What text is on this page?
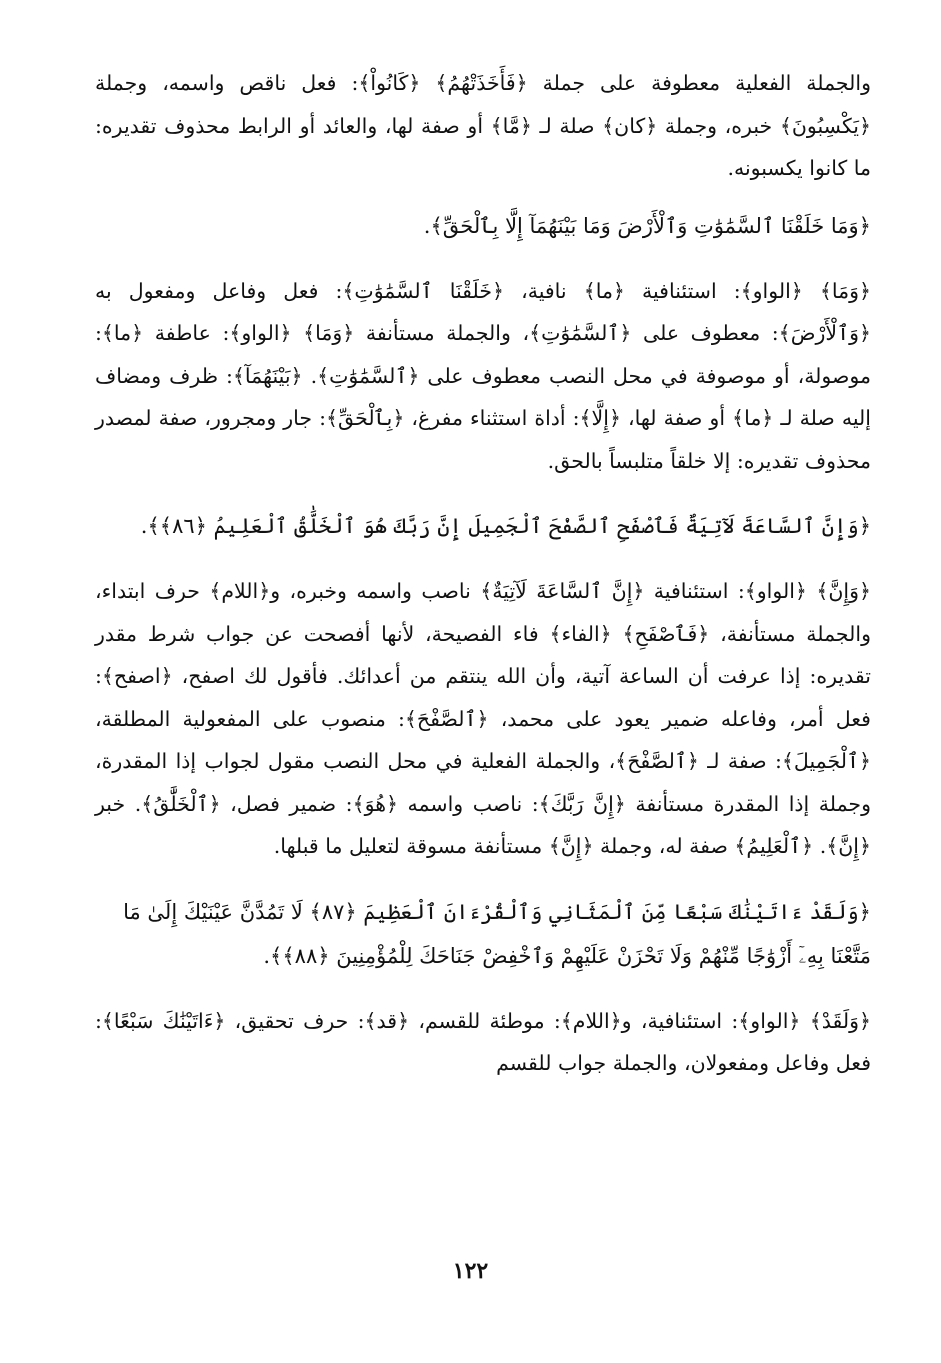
والجملة الفعلية معطوفة على جملة ﴿فَأَخَذَتْهُمُ﴾ ﴿كَانُواْ﴾: فعل ناقص واسمه، وجملة ﴿يَكْسِبُونَ﴾ خبره، وجملة ﴿كان﴾ صلة لـ ﴿مَّا﴾ أو صفة لها، والعائد أو الرابط محذوف تقديره: ما كانوا يكسبونه.

﴿وَمَا خَلَقْنَا ٱلسَّمَٰوَٰتِ وَٱلْأَرْضَ وَمَا بَيْنَهُمَآ إِلَّا بِٱلْحَقِّ﴾.

﴿وَمَا﴾ ﴿الواو﴾: استئنافية ﴿ما﴾ نافية، ﴿خَلَقْنَا ٱلسَّمَٰوَٰتِ﴾: فعل وفاعل ومفعول به ﴿وَٱلْأَرْضَ﴾: معطوف على ﴿ٱلسَّمَٰوَٰتِ﴾، والجملة مستأنفة ﴿وَمَا﴾ ﴿الواو﴾: عاطفة ﴿ما﴾: موصولة، أو موصوفة في محل النصب معطوف على ﴿ٱلسَّمَٰوَٰتِ﴾. ﴿بَيْنَهُمَآ﴾: ظرف ومضاف إليه صلة لـ ﴿ما﴾ أو صفة لها، ﴿إِلَّا﴾: أداة استثناء مفرغ، ﴿بِٱلْحَقِّ﴾: جار ومجرور، صفة لمصدر محذوف تقديره: إلا خلقاً متلبساً بالحق.

﴿وَإِنَّ ٱلسَّاعَةَ لَآتِيَةٌ فَٱصْفَحِ ٱلصَّفْحَ ٱلْجَمِيلَ إِنَّ رَبَّكَ هُوَ ٱلْخَلَّٰقُ ٱلْعَلِيمُ ﴿٨٦﴾﴾.

﴿وَإِنَّ﴾ ﴿الواو﴾: استئنافية ﴿إِنَّ ٱلسَّاعَةَ لَآتِيَةٌ﴾ ناصب واسمه وخبره، و﴿اللام﴾ حرف ابتداء، والجملة مستأنفة، ﴿فَٱصْفَحِ﴾ ﴿الفاء﴾ فاء الفصيحة، لأنها أفصحت عن جواب شرط مقدر تقديره: إذا عرفت أن الساعة آتية، وأن الله ينتقم من أعدائك. فأقول لك اصفح، ﴿اصفح﴾: فعل أمر، وفاعله ضمير يعود على محمد، ﴿ٱلصَّفْحَ﴾: منصوب على المفعولية المطلقة، ﴿ٱلْجَمِيلَ﴾: صفة لـ ﴿ٱلصَّفْحَ﴾، والجملة الفعلية في محل النصب مقول لجواب إذا المقدرة، وجملة إذا المقدرة مستأنفة ﴿إِنَّ رَبَّكَ﴾: ناصب واسمه ﴿هُوَ﴾: ضمير فصل، ﴿ٱلْخَلَّٰقُ﴾. خبر ﴿إِنَّ﴾. ﴿ٱلْعَلِيمُ﴾ صفة له، وجملة ﴿إِنَّ﴾ مستأنفة مسوقة لتعليل ما قبلها.

﴿وَلَقَدْ ءَاتَيْنَٰكَ سَبْعًا مِّنَ ٱلْمَثَانِي وَٱلْقُرْءَانَ ٱلْعَظِيمَ ﴿٨٧﴾ لَا تَمُدَّنَّ عَيْنَيْكَ إِلَىٰ مَا مَتَّعْنَا بِهِۦٓ أَزْوَٰجًا مِّنْهُمْ وَلَا تَحْزَنْ عَلَيْهِمْ وَٱخْفِضْ جَنَاحَكَ لِلْمُؤْمِنِينَ ﴿٨٨﴾﴾.

﴿وَلَقَدْ﴾ ﴿الواو﴾: استئنافية، و﴿اللام﴾: موطئة للقسم، ﴿قد﴾: حرف تحقيق، ﴿ءَاتَيْنَٰكَ سَبْعًا﴾: فعل وفاعل ومفعولان، والجملة جواب للقسم

١٢٢
